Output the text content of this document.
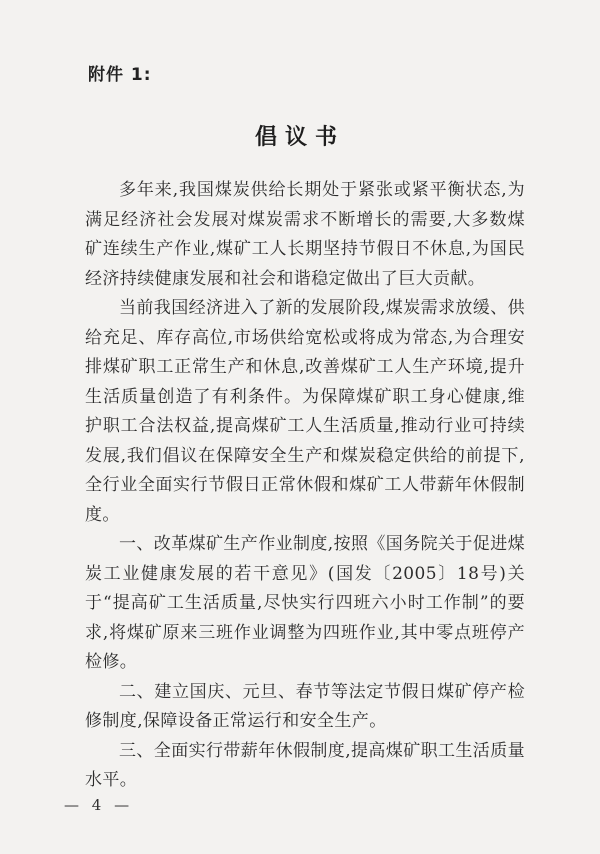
附件 1:
倡议书

多年来,我国煤炭供给长期处于紧张或紧平衡状态,为满足经济社会发展对煤炭需求不断增长的需要,大多数煤矿连续生产作业,煤矿工人长期坚持节假日不休息,为国民经济持续健康发展和社会和谐稳定做出了巨大贡献。

当前我国经济进入了新的发展阶段,煤炭需求放缓、供给充足、库存高位,市场供给宽松或将成为常态,为合理安排煤矿职工正常生产和休息,改善煤矿工人生产环境,提升生活质量创造了有利条件。为保障煤矿职工身心健康,维护职工合法权益,提高煤矿工人生活质量,推动行业可持续发展,我们倡议在保障安全生产和煤炭稳定供给的前提下,全行业全面实行节假日正常休假和煤矿工人带薪年休假制度。

一、改革煤矿生产作业制度,按照《国务院关于促进煤炭工业健康发展的若干意见》(国发〔2005〕18号)关于“提高矿工生活质量,尽快实行四班六小时工作制”的要求,将煤矿原来三班作业调整为四班作业,其中零点班停产检修。

二、建立国庆、元旦、春节等法定节假日煤矿停产检修制度,保障设备正常运行和安全生产。

三、全面实行带薪年休假制度,提高煤矿职工生活质量水平。

— 4 —
